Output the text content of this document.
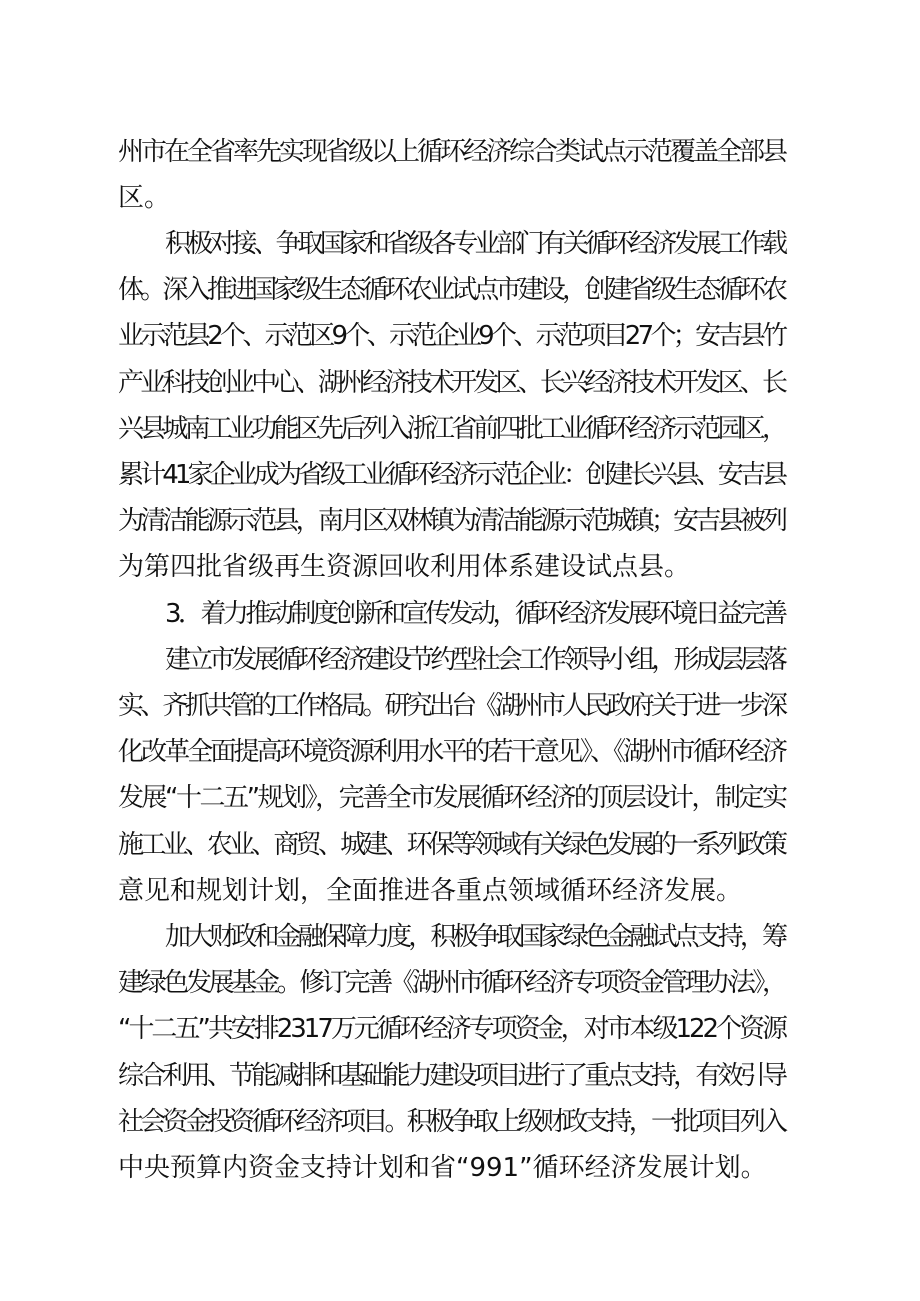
州市在全省率先实现省级以上循环经济综合类试点示范覆盖全部县

区。

积极对接、争取国家和省级各专业部门有关循环经济发展工作载

体。深入推进国家级生态循环农业试点市建设，创建省级生态循环农

业示范县2个、示范区9个、示范企业9个、示范项目27个；安吉县竹

产业科技创业中心、湖州经济技术开发区、长兴经济技术开发区、长

兴县城南工业功能区先后列入浙江省前四批工业循环经济示范园区，

累计41家企业成为省级工业循环经济示范企业：创建长兴县、安吉县

为清洁能源示范县，南月区双林镇为清洁能源示范城镇；安吉县被列

为第四批省级再生资源回收利用体系建设试点县。

3．着力推动制度创新和宣传发动，循环经济发展环境日益完善

建立市发展循环经济建设节约型社会工作领导小组，形成层层落

实、齐抓共管的工作格局。研究出台《湖州市人民政府关于进一步深

化改革全面提高环境资源利用水平的若干意见》、《湖州市循环经济

发展“十二五”规划》，完善全市发展循环经济的顶层设计，制定实

施工业、农业、商贸、城建、环保等领域有关绿色发展的一系列政策

意见和规划计划，全面推进各重点领域循环经济发展。

加大财政和金融保障力度，积极争取国家绿色金融试点支持，筹

建绿色发展基金。修订完善《湖州市循环经济专项资金管理办法》，

“十二五”共安排2317万元循环经济专项资金，对市本级122个资源

综合利用、节能减排和基础能力建设项目进行了重点支持，有效引导

社会资金投资循环经济项目。积极争取上级财政支持，一批项目列入

中央预算内资金支持计划和省“991”循环经济发展计划。
